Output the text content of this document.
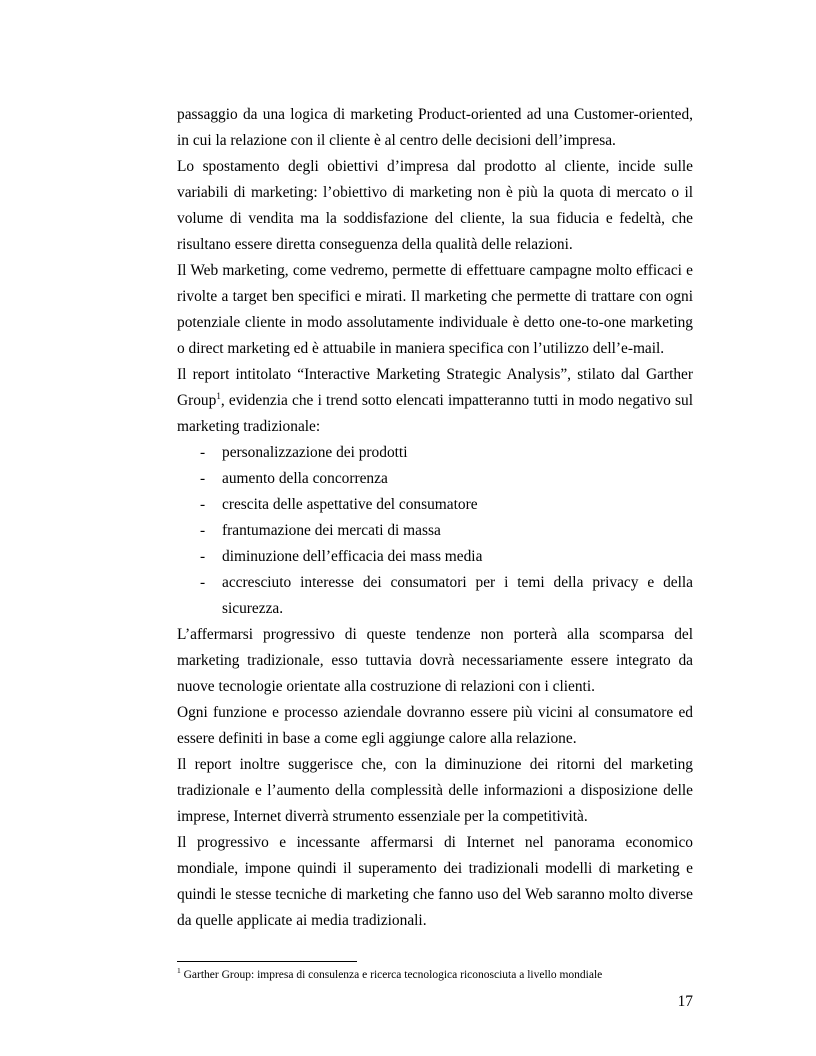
passaggio da una logica di marketing Product-oriented ad una Customer-oriented, in cui la relazione con il cliente è al centro delle decisioni dell’impresa.

Lo spostamento degli obiettivi d’impresa dal prodotto al cliente, incide sulle variabili di marketing: l’obiettivo di marketing non è più la quota di mercato o il volume di vendita ma la soddisfazione del cliente, la sua fiducia e fedeltà, che risultano essere diretta conseguenza della qualità delle relazioni.

Il Web marketing, come vedremo, permette di effettuare campagne molto efficaci e rivolte a target ben specifici e mirati. Il marketing che permette di trattare con ogni potenziale cliente in modo assolutamente individuale è detto one-to-one marketing o direct marketing ed è attuabile in maniera specifica con l’utilizzo dell’e-mail.

Il report intitolato “Interactive Marketing Strategic Analysis”, stilato dal Garther Group$^1$, evidenzia che i trend sotto elencati impatteranno tutti in modo negativo sul marketing tradizionale:

- personalizzazione dei prodotti
- aumento della concorrenza
- crescita delle aspettative del consumatore
- frantumazione dei mercati di massa
- diminuzione dell’efficacia dei mass media
- accresciuto interesse dei consumatori per i temi della privacy e della sicurezza.

L’affermarsi progressivo di queste tendenze non porterà alla scomparsa del marketing tradizionale, esso tuttavia dovrà necessariamente essere integrato da nuove tecnologie orientate alla costruzione di relazioni con i clienti.

Ogni funzione e processo aziendale dovranno essere più vicini al consumatore ed essere definiti in base a come egli aggiunge calore alla relazione.

Il report inoltre suggerisce che, con la diminuzione dei ritorni del marketing tradizionale e l’aumento della complessità delle informazioni a disposizione delle imprese, Internet diverrà strumento essenziale per la competitività.

Il progressivo e incessante affermarsi di Internet nel panorama economico mondiale, impone quindi il superamento dei tradizionali modelli di marketing e quindi le stesse tecniche di marketing che fanno uso del Web saranno molto diverse da quelle applicate ai media tradizionali.

$^1$ Garther Group: impresa di consulenza e ricerca tecnologica riconosciuta a livello mondiale
17
